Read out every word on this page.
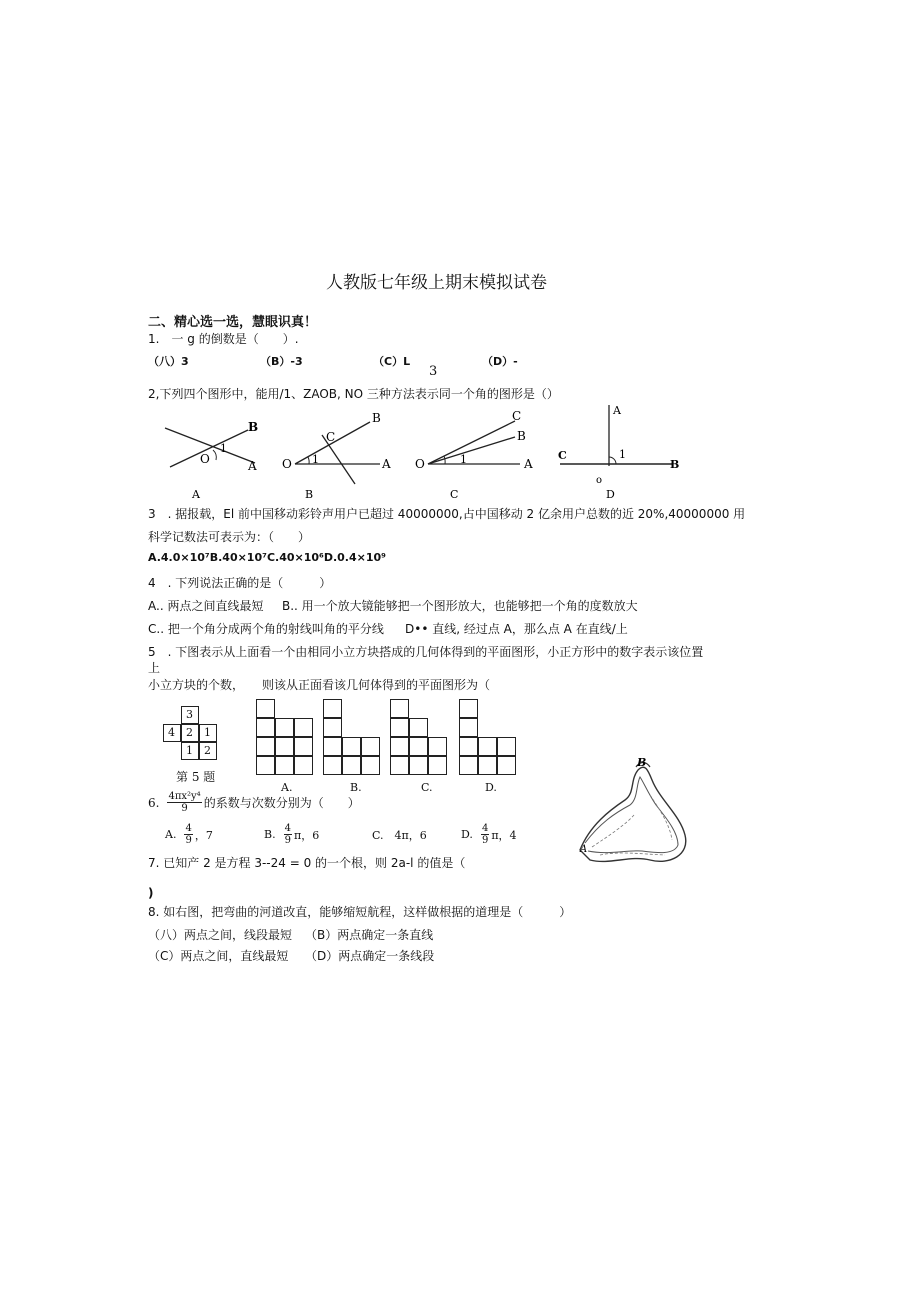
人教版七年级上期末模拟试卷
二、精心选一选，慧眼识真！
1.　一 g 的倒数是（　　）.
（八）3	（B）-3	（C）L	（D）-
3
2,下列四个图形中，能用/1、ZAOB, NO 三种方法表示同一个角的图形是（）
B
O
1
A
C
B
O 1	A
C
B
O	1	A
A
1
C
B
o
A	B	C	D
3　. 据报载，El 前中国移动彩铃声用户已超过 40000000,占中国移动 2 亿余用户总数的近 20%,40000000 用
科学记数法可表示为：（　　）
A.4.0×10⁷B.40×10⁷C.40×10⁶D.0.4×10⁹
4　. 下列说法正确的是（　　　）
A.. 两点之间直线最短 B.. 用一个放大镜能够把一个图形放大，也能够把一个角的度数放大
C.. 把一个角分成两个角的射线叫角的平分线 D•• 直线, 经过点 A，那么点 A 在直线/上
5　. 下图表示从上面看一个由相同小立方块搭成的几何体得到的平面图形，小正方形中的数字表示该位置
上
小立方块的个数，　　则该从正面看该几何体得到的平面图形为（
3
4 2 1
1 2
第 5 题
A.	B.	C.	D.
6. $\frac{\text{4πx²y⁴}}{9}$ 的系数与次数分别为（　　）
A. $\frac{4}{9}$ ，7	B. $\frac{4}{9}$ π，6	C.　 4π，6	D. $\frac{4}{9}$ π，4
7. 已知产 2 是方程 3--24 = 0 的一个根，则 2a-l 的值是（
)
8. 如右图，把弯曲的河道改直，能够缩短航程，这样做根据的道理是（　　　）
（八）两点之间，线段最短 （B）两点确定一条直线
（C）两点之间，直线最短 （D）两点确定一条线段
B
A
